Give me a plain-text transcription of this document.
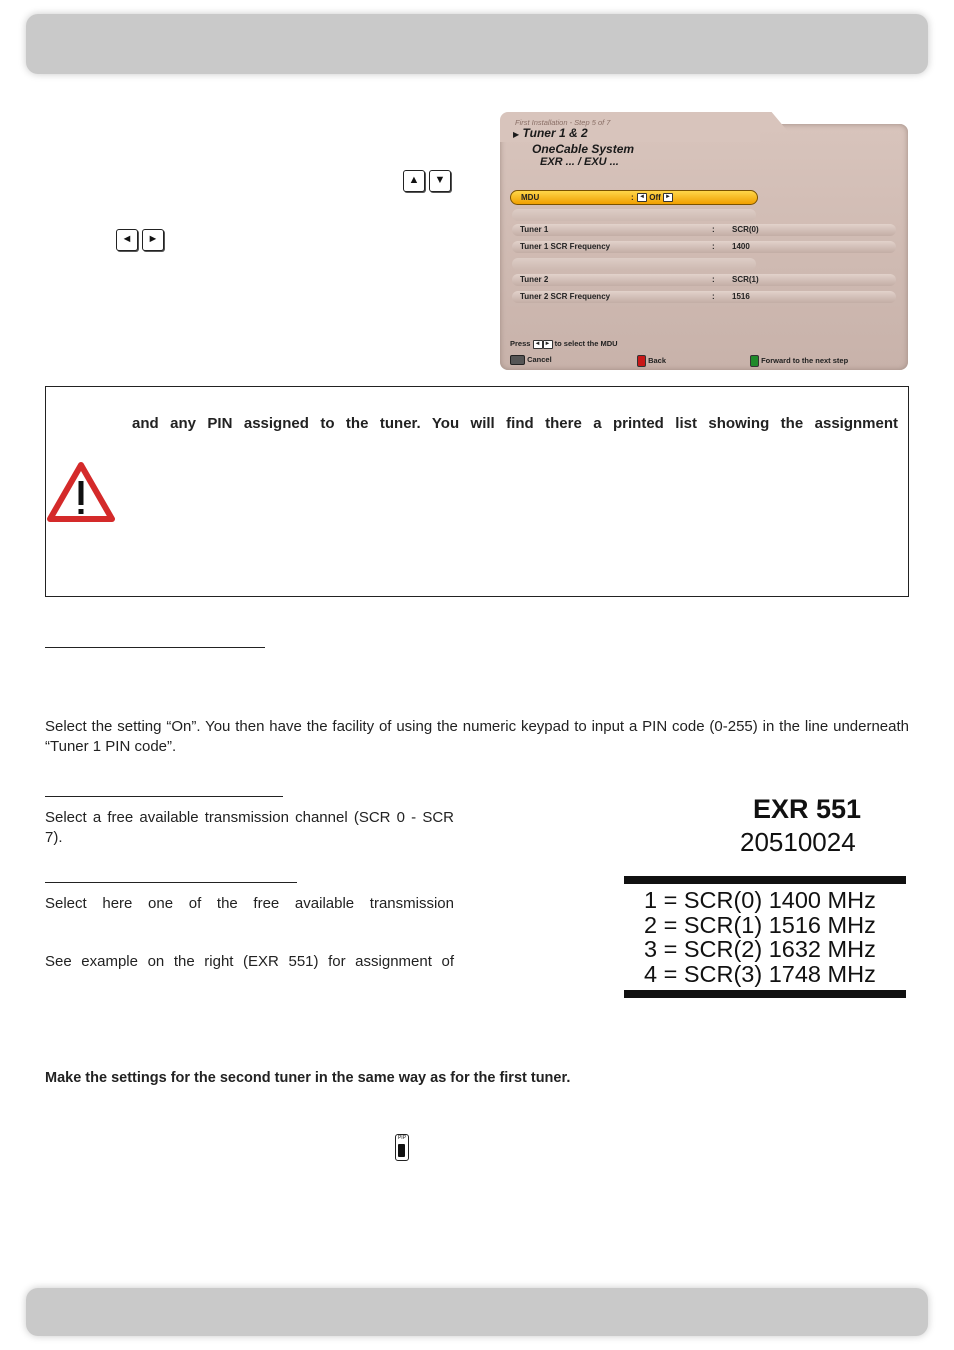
▲	▼
◄	►
First Installation - Step 5 of 7
▶ Tuner 1 & 2
OneCable System
EXR ... / EXU ...
MDU	: ◄ Off ►
Tuner 1	: SCR(0)
Tuner 1 SCR Frequency	: 1400
Tuner 2	: SCR(1)
Tuner 2 SCR Frequency	: 1516
Press ◄ ► to select the MDU
Cancel	Back	Forward to the next step
and any PIN assigned to the tuner. You will find there a printed list showing the assignment

Select the setting “On”. You then have the facility of using the numeric keypad to input a PIN code (0-255) in the line underneath “Tuner 1 PIN code”.

Select a free available transmission channel (SCR 0 - SCR 7).

Select here one of the free available transmission

See example on the right (EXR 551) for assignment of

EXR 551
20510024
1 = SCR(0) 1400 MHz
2 = SCR(1) 1516 MHz
3 = SCR(2) 1632 MHz
4 = SCR(3) 1748 MHz

Make the settings for the second tuner in the same way as for the first tuner.

PIP
